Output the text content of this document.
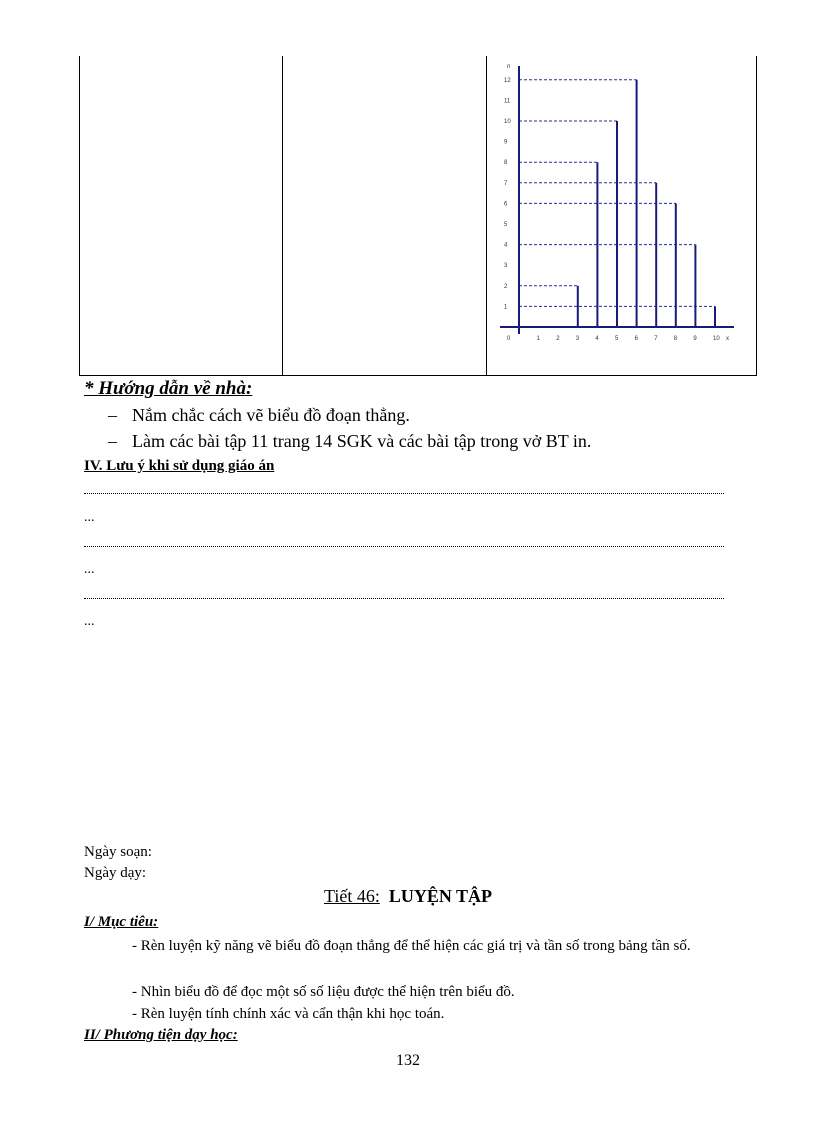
0	1	2	3	4	5	6	7	8	9	10
1
2
3
4
5
6
7
8
9
10
11
12
n
x
* Hướng dẫn về nhà:
– Nắm chắc cách vẽ biểu đồ đoạn thẳng.
– Làm các bài tập 11 trang 14 SGK và các bài tập trong vở BT in.
IV. Lưu ý khi sử dụng giáo án
...
...
...
Ngày soạn:
Ngày dạy:
Tiết 46: LUYỆN TẬP
I/ Mục tiêu:
- Rèn luyện kỹ năng vẽ biểu đồ đoạn thẳng để thể hiện các giá trị và tần số trong bảng tần số.
- Nhìn biểu đồ để đọc một số số liệu được thể hiện trên biểu đồ.
- Rèn luyện tính chính xác và cẩn thận khi học toán.
II/ Phương tiện dạy học:
132
